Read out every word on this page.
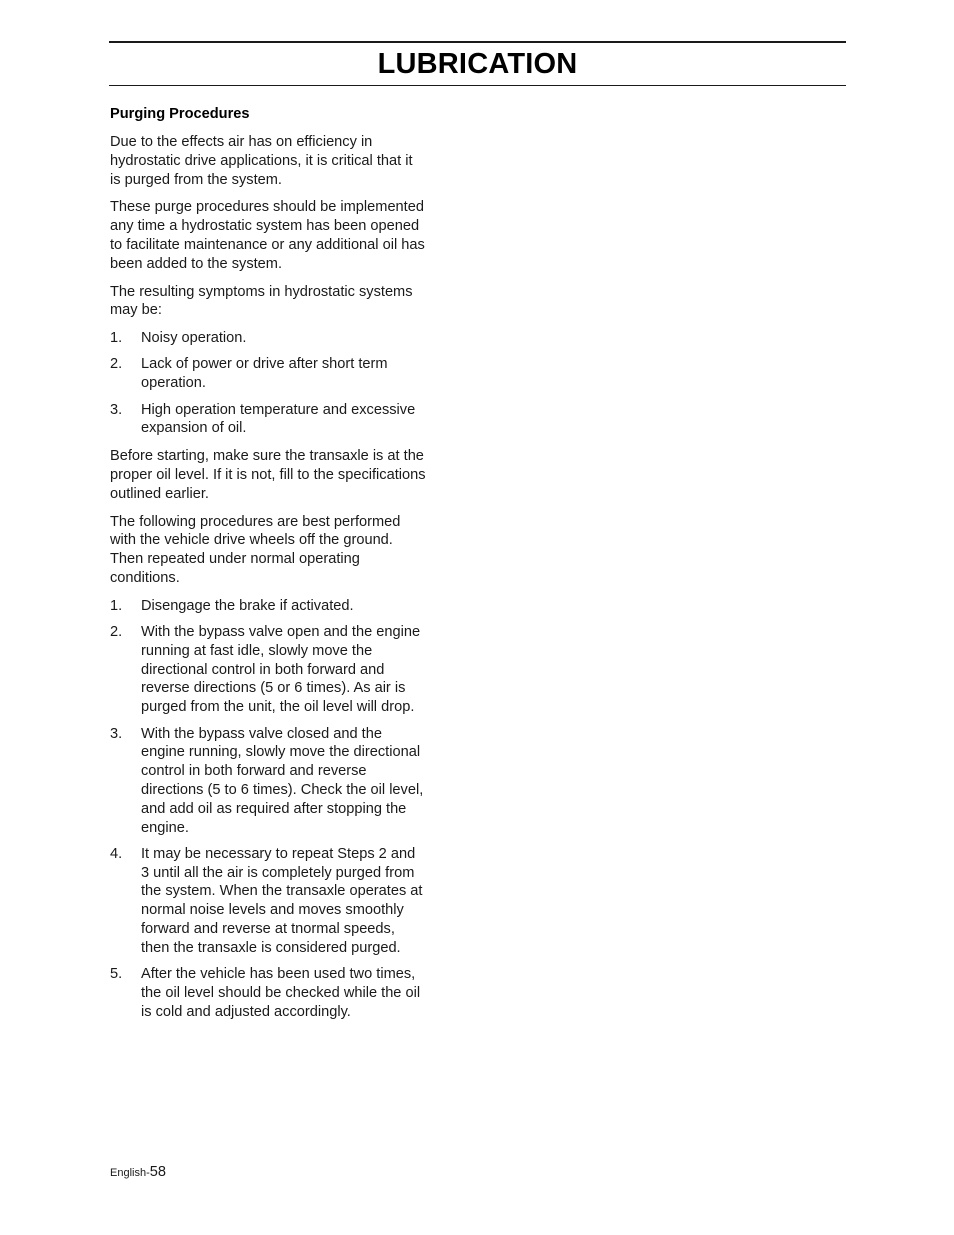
LUBRICATION
Purging Procedures

Due to the effects air has on efficiency in hydrostatic drive applications, it is critical that it is purged from the system.

These purge procedures should be implemented any time a hydrostatic system has been opened to facilitate maintenance or any additional oil has been added to the system.

The resulting symptoms in hydrostatic systems may be:

1. Noisy operation.
2. Lack of power or drive after short term operation.
3. High operation temperature and excessive expansion of oil.

Before starting, make sure the transaxle is at the proper oil level. If it is not, fill to the specifications outlined earlier.

The following procedures are best performed with the vehicle drive wheels off the ground. Then repeated under normal operating conditions.

1. Disengage the brake if activated.
2. With the bypass valve open and the engine running at fast idle, slowly move the directional control in both forward and reverse directions (5 or 6 times). As air is purged from the unit, the oil level will drop.
3. With the bypass valve closed and the engine running, slowly move the directional control in both forward and reverse directions (5 to 6 times). Check the oil level, and add oil as required after stopping the engine.
4. It may be necessary to repeat Steps 2 and 3 until all the air is completely purged from the system. When the transaxle operates at normal noise levels and moves smoothly forward and reverse at tnormal speeds, then the transaxle is considered purged.
5. After the vehicle has been used two times, the oil level should be checked while the oil is cold and adjusted accordingly.
English-58
